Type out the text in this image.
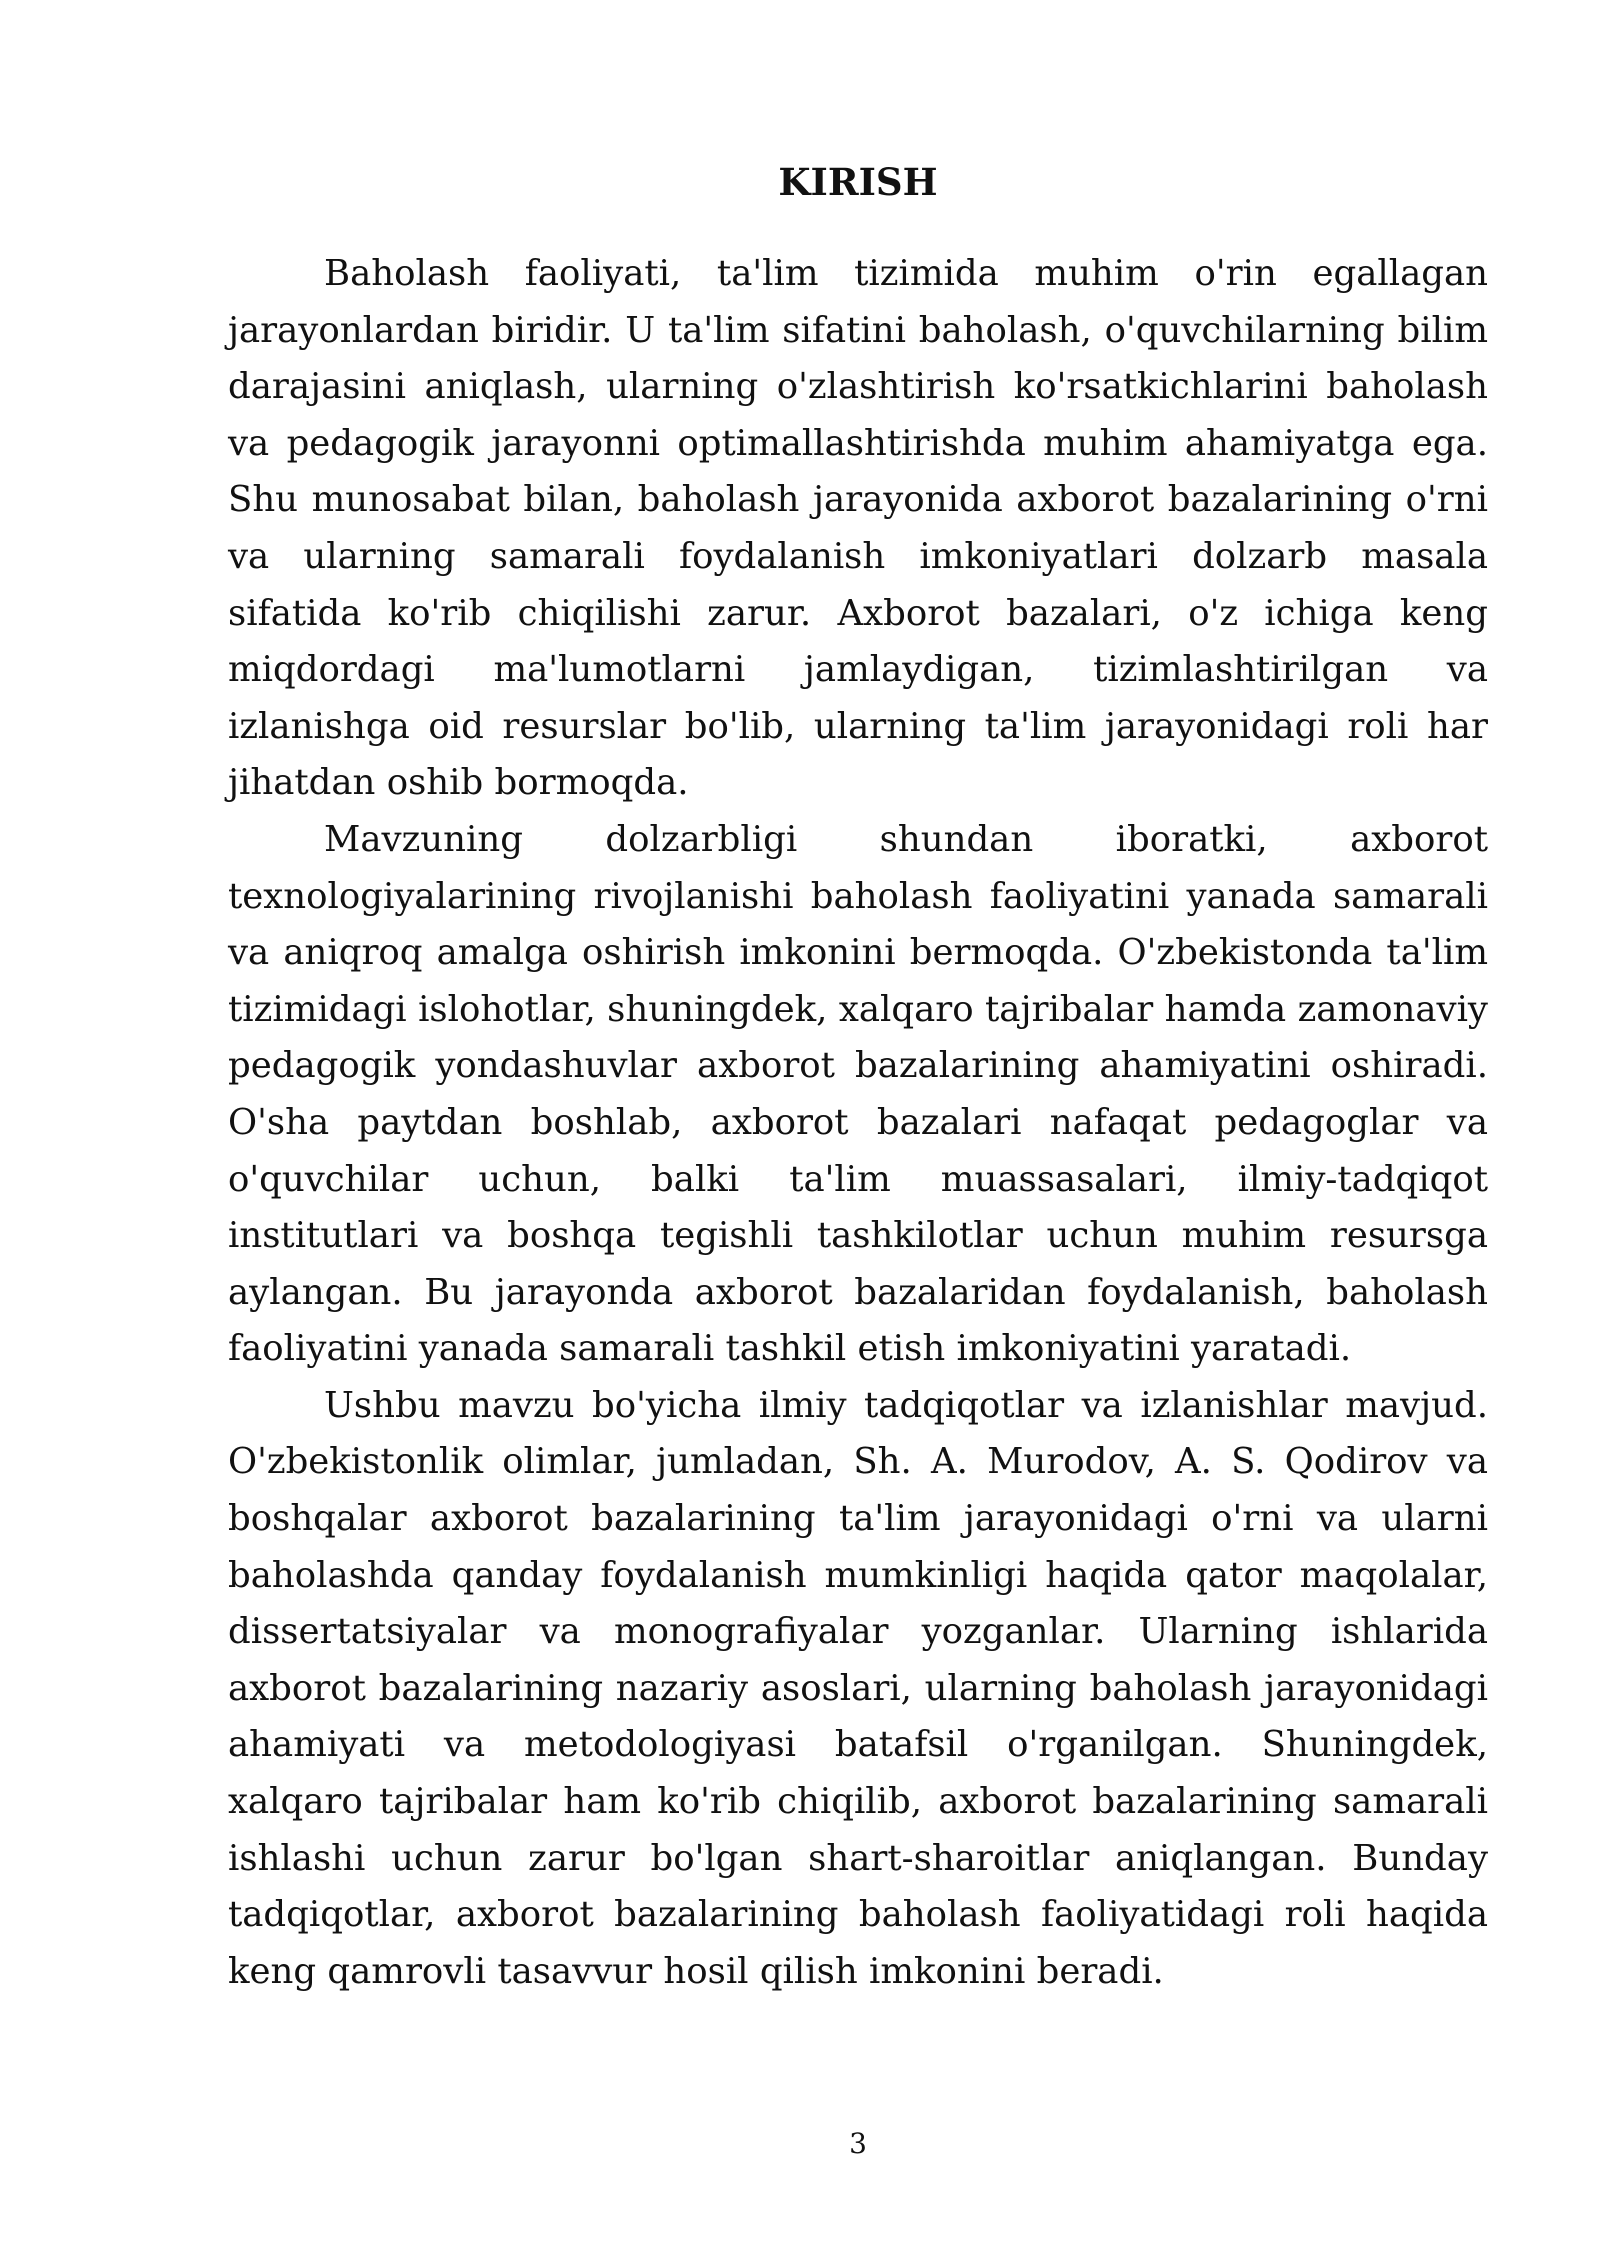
KIRISH

Baholash faoliyati, ta'lim tizimida muhim o'rin egallagan jarayonlardan biridir. U ta'lim sifatini baholash, o'quvchilarning bilim darajasini aniqlash, ularning o'zlashtirish ko'rsatkichlarini baholash va pedagogik jarayonni optimallashtirishda muhim ahamiyatga ega. Shu munosabat bilan, baholash jarayonida axborot bazalarining o'rni va ularning samarali foydalanish imkoniyatlari dolzarb masala sifatida ko'rib chiqilishi zarur. Axborot bazalari, o'z ichiga keng miqdordagi ma'lumotlarni jamlaydigan, tizimlashtirilgan va izlanishga oid resurslar bo'lib, ularning ta'lim jarayonidagi roli har jihatdan oshib bormoqda.

Mavzuning dolzarbligi shundan iboratki, axborot texnologiyalarining rivojlanishi baholash faoliyatini yanada samarali va aniqroq amalga oshirish imkonini bermoqda. O'zbekistonda ta'lim tizimidagi islohotlar, shuningdek, xalqaro tajribalar hamda zamonaviy pedagogik yondashuvlar axborot bazalarining ahamiyatini oshiradi. O'sha paytdan boshlab, axborot bazalari nafaqat pedagoglar va o'quvchilar uchun, balki ta'lim muassasalari, ilmiy-tadqiqot institutlari va boshqa tegishli tashkilotlar uchun muhim resursga aylangan. Bu jarayonda axborot bazalaridan foydalanish, baholash faoliyatini yanada samarali tashkil etish imkoniyatini yaratadi.

Ushbu mavzu bo'yicha ilmiy tadqiqotlar va izlanishlar mavjud. O'zbekistonlik olimlar, jumladan, Sh. A. Murodov, A. S. Qodirov va boshqalar axborot bazalarining ta'lim jarayonidagi o'rni va ularni baholashda qanday foydalanish mumkinligi haqida qator maqolalar, dissertatsiyalar va monografiyalar yozganlar. Ularning ishlarida axborot bazalarining nazariy asoslari, ularning baholash jarayonidagi ahamiyati va metodologiyasi batafsil o'rganilgan. Shuningdek, xalqaro tajribalar ham ko'rib chiqilib, axborot bazalarining samarali ishlashi uchun zarur bo'lgan shart-sharoitlar aniqlangan. Bunday tadqiqotlar, axborot bazalarining baholash faoliyatidagi roli haqida keng qamrovli tasavvur hosil qilish imkonini beradi.

3
